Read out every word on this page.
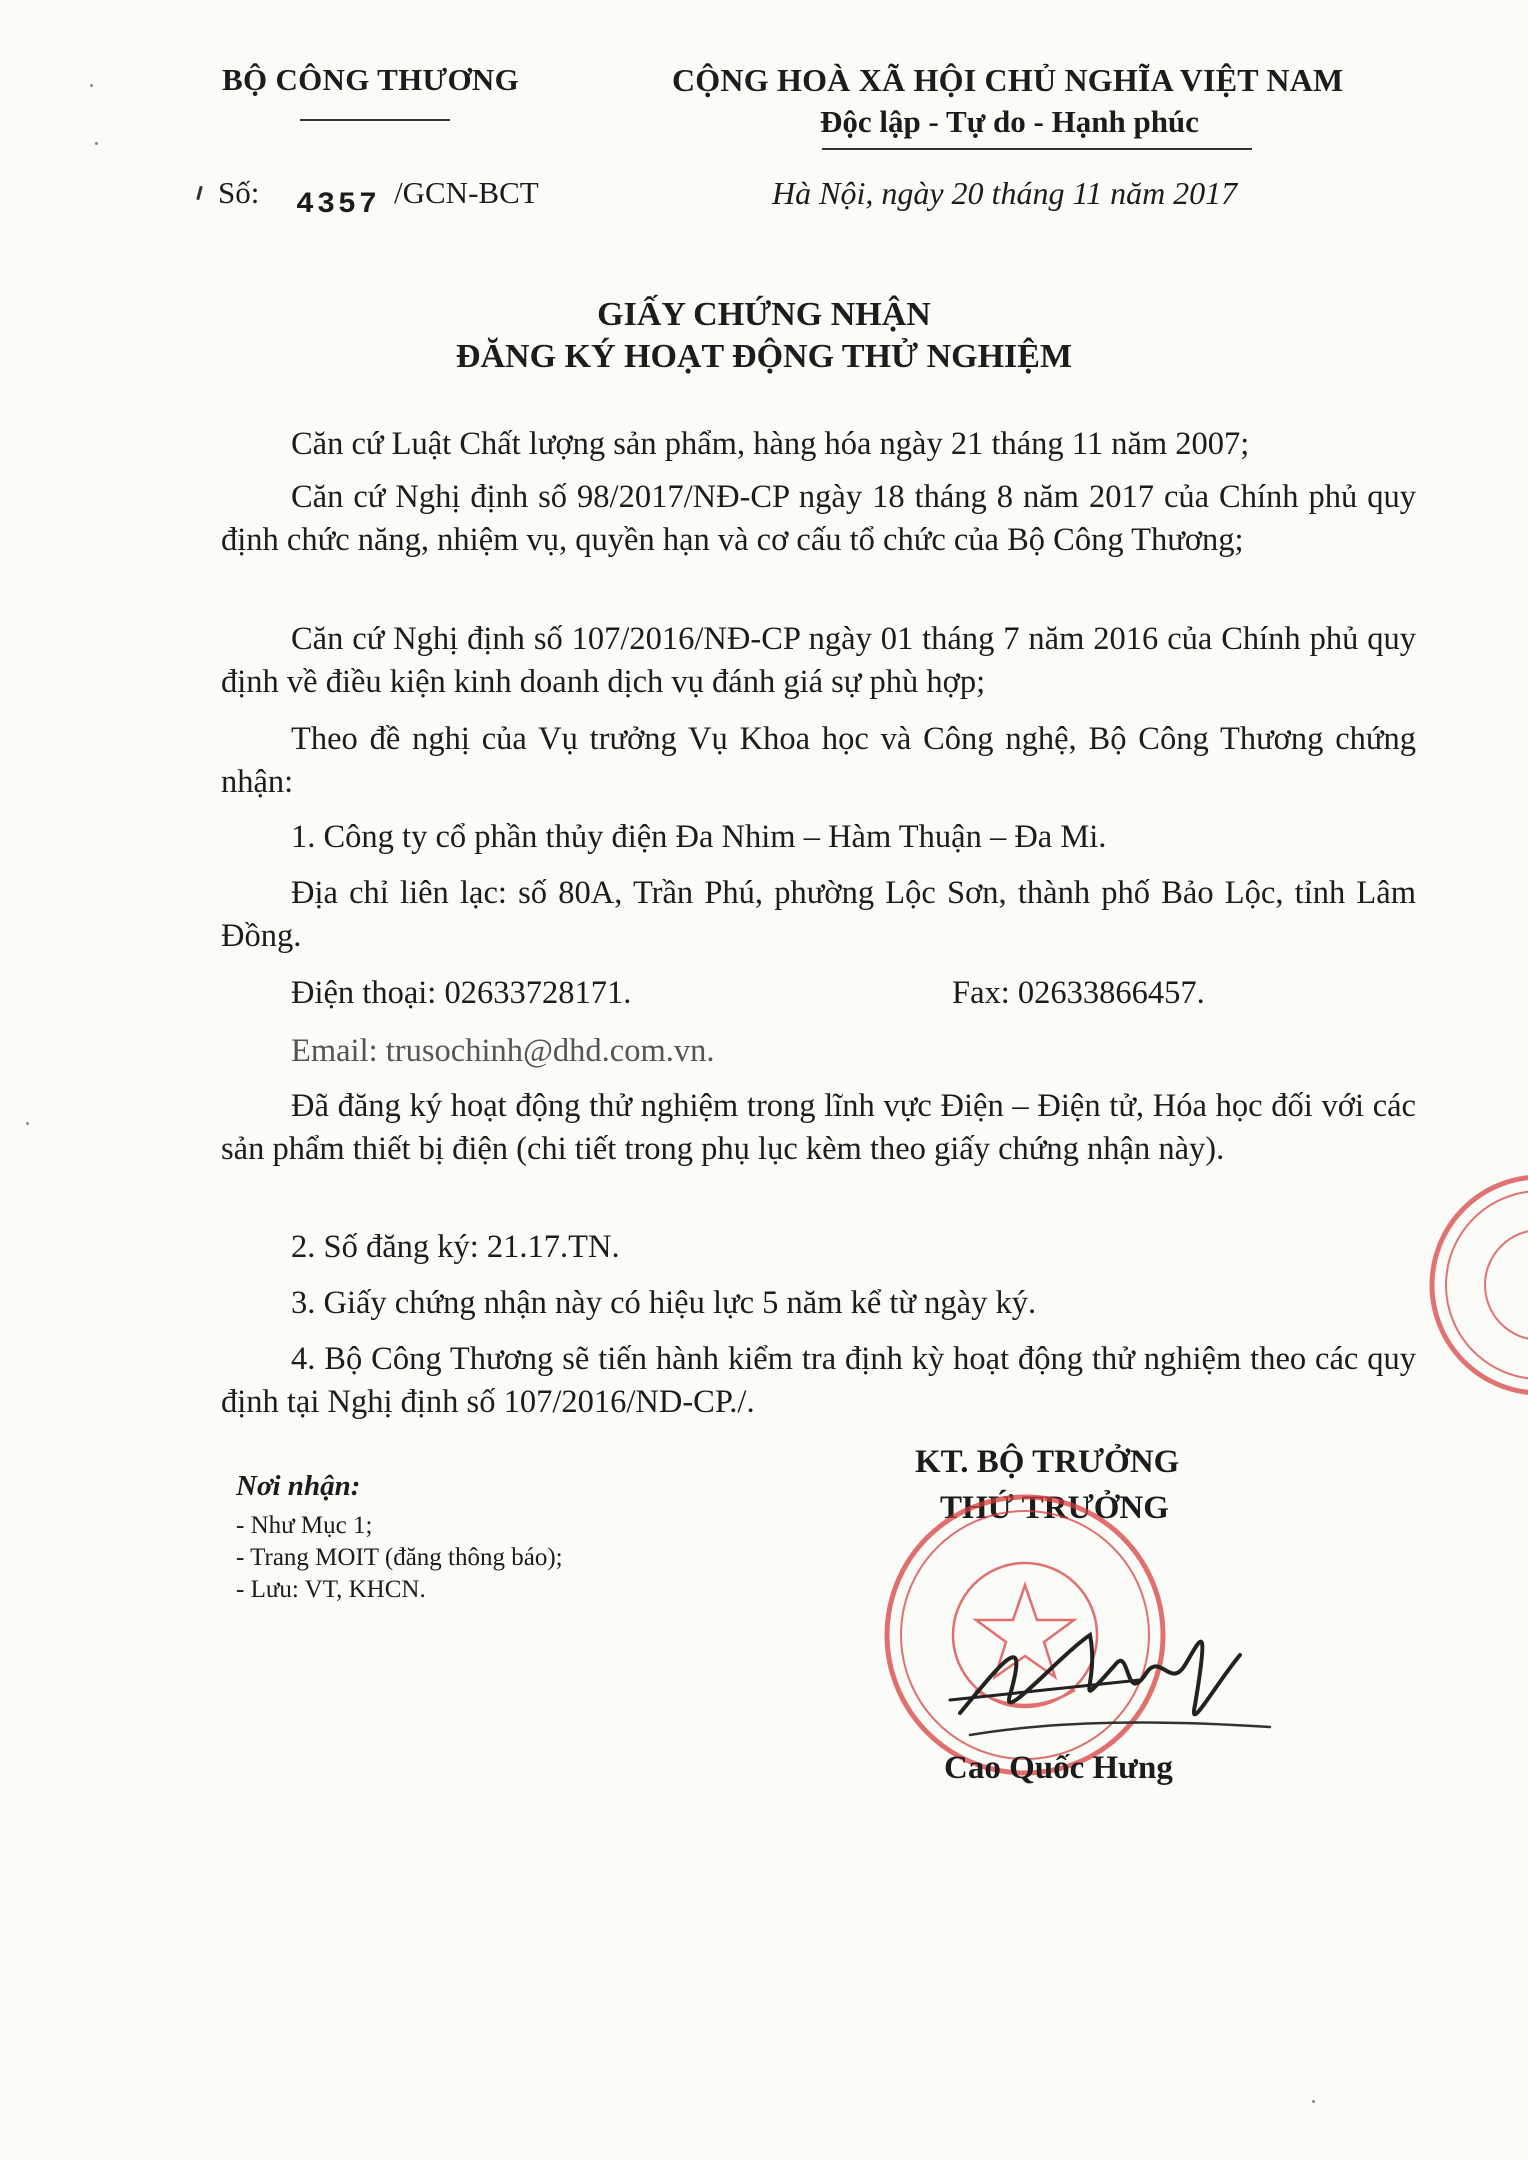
BỘ CÔNG THƯƠNG	CỘNG HOÀ XÃ HỘI CHỦ NGHĨA VIỆT NAM
Độc lập - Tự do - Hạnh phúc
Số: 4357 /GCN-BCT	Hà Nội, ngày 20 tháng 11 năm 2017
GIẤY CHỨNG NHẬN
ĐĂNG KÝ HOẠT ĐỘNG THỬ NGHIỆM
Căn cứ Luật Chất lượng sản phẩm, hàng hóa ngày 21 tháng 11 năm 2007;
Căn cứ Nghị định số 98/2017/NĐ-CP ngày 18 tháng 8 năm 2017 của Chính phủ quy định chức năng, nhiệm vụ, quyền hạn và cơ cấu tổ chức của Bộ Công Thương;
Căn cứ Nghị định số 107/2016/NĐ-CP ngày 01 tháng 7 năm 2016 của Chính phủ quy định về điều kiện kinh doanh dịch vụ đánh giá sự phù hợp;
Theo đề nghị của Vụ trưởng Vụ Khoa học và Công nghệ, Bộ Công Thương chứng nhận:
1. Công ty cổ phần thủy điện Đa Nhim – Hàm Thuận – Đa Mi.
Địa chỉ liên lạc: số 80A, Trần Phú, phường Lộc Sơn, thành phố Bảo Lộc, tỉnh Lâm Đồng.
Điện thoại: 02633728171.	Fax: 02633866457.
Email: trusochinh@dhd.com.vn.
Đã đăng ký hoạt động thử nghiệm trong lĩnh vực Điện – Điện tử, Hóa học đối với các sản phẩm thiết bị điện (chi tiết trong phụ lục kèm theo giấy chứng nhận này).
2. Số đăng ký: 21.17.TN.
3. Giấy chứng nhận này có hiệu lực 5 năm kể từ ngày ký.
4. Bộ Công Thương sẽ tiến hành kiểm tra định kỳ hoạt động thử nghiệm theo các quy định tại Nghị định số 107/2016/ND-CP./.
Nơi nhận:
- Như Mục 1;
- Trang MOIT (đăng thông báo);
- Lưu: VT, KHCN.
KT. BỘ TRƯỞNG
THỨ TRƯỞNG
Cao Quốc Hưng
